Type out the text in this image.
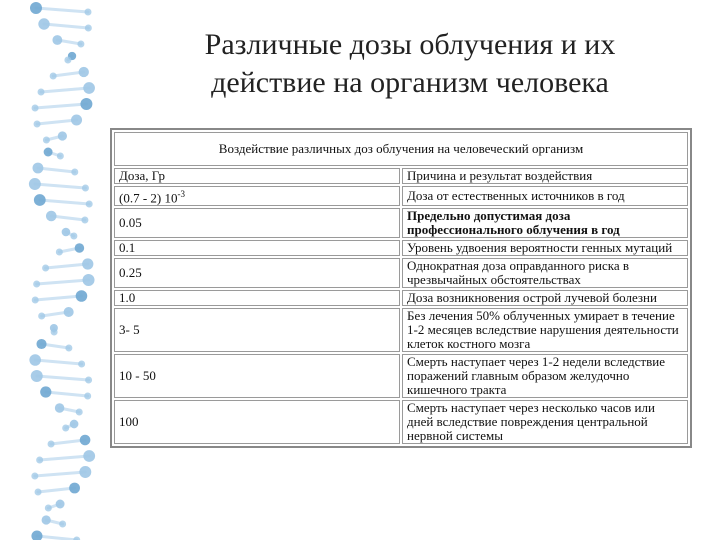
Различные дозы облучения и их
действие на организм человека
Воздействие различных доз облучения на человеческий организм	
Доза, Гр	Причина и результат воздействия
(0.7 - 2) $10^{-3}$	Доза от естественных источников в год
0.05	Предельно допустимая доза профессионального облучения в год
0.1	Уровень удвоения вероятности генных мутаций
0.25	Однократная доза оправданного риска в чрезвычайных обстоятельствах
1.0	Доза возникновения острой лучевой болезни
3- 5	Без лечения 50% облученных умирает в течение 1-2 месяцев вследствие нарушения деятельности клеток костного мозга
10 - 50	Смерть наступает через 1-2 недели вследствие поражений главным образом желудочно кишечного тракта
100	Смерть наступает через несколько часов или дней вследствие повреждения центральной нервной системы
